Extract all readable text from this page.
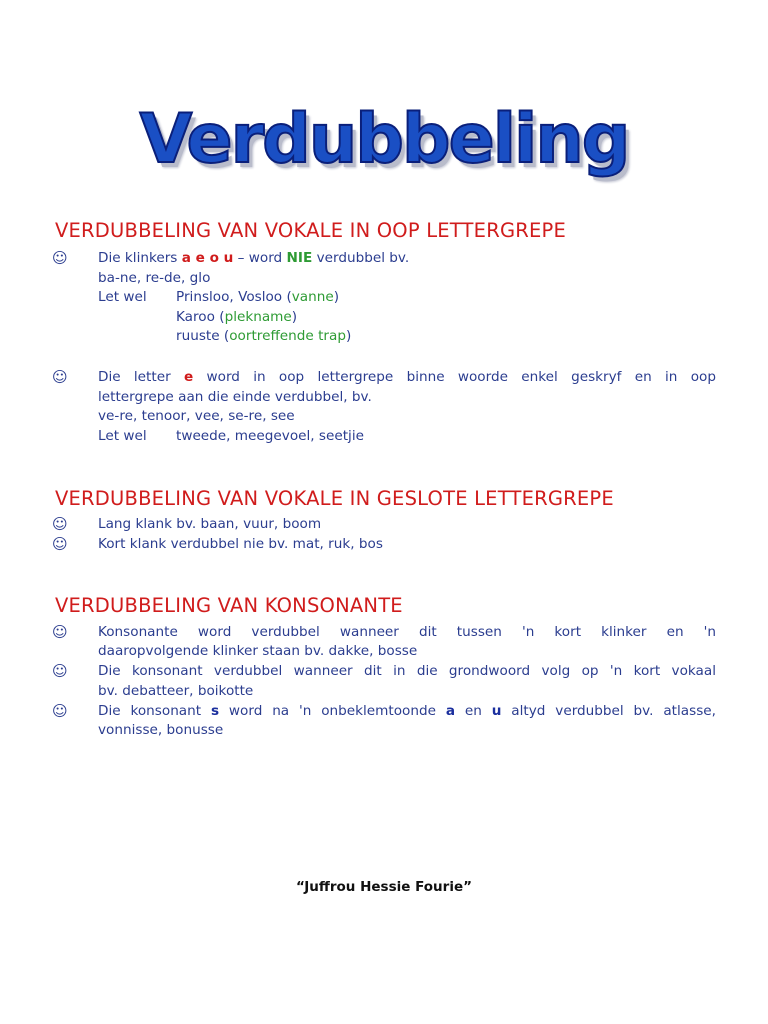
Verdubbeling
VERDUBBELING VAN VOKALE IN OOP LETTERGREPE
☺ Die klinkers a e o u – word NIE verdubbel bv.
ba-ne, re-de, glo
Let wel Prinsloo, Vosloo (vanne)
Karoo (plekname)
ruuste (oortreffende trap)
☺ Die letter e word in oop lettergrepe binne woorde enkel geskryf en in oop
lettergrepe aan die einde verdubbel, bv.
ve-re, tenoor, vee, se-re, see
Let wel tweede, meegevoel, seetjie
VERDUBBELING VAN VOKALE IN GESLOTE LETTERGREPE
☺ Lang klank bv. baan, vuur, boom
☺ Kort klank verdubbel nie bv. mat, ruk, bos
VERDUBBELING VAN KONSONANTE
☺ Konsonante word verdubbel wanneer dit tussen 'n kort klinker en 'n
daaropvolgende klinker staan bv. dakke, bosse
☺ Die konsonant verdubbel wanneer dit in die grondwoord volg op 'n kort vokaal
bv. debatteer, boikotte
☺ Die konsonant s word na 'n onbeklemtoonde a en u altyd verdubbel bv. atlasse,
vonnisse, bonusse
“Juffrou Hessie Fourie”
